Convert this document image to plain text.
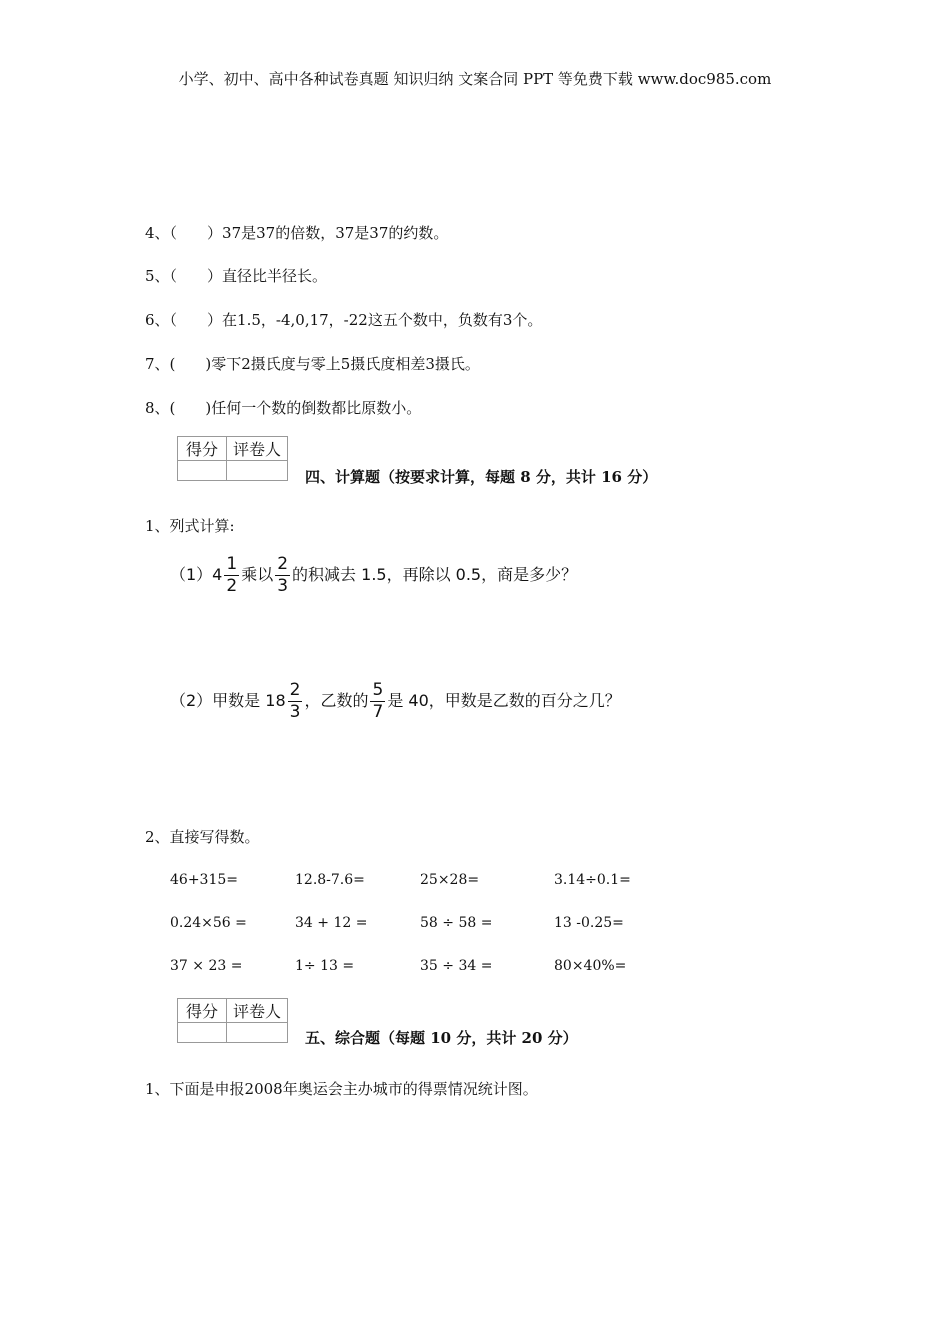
小学、初中、高中各种试卷真题 知识归纳 文案合同 PPT 等免费下载 www.doc985.com
4、（　　）37是37的倍数，37是37的约数。
5、（　　）直径比半径长。
6、（　　）在1.5，-4,0,17，-22这五个数中，负数有3个。
7、(　　)零下2摄氏度与零上5摄氏度相差3摄氏。
8、(　　)任何一个数的倒数都比原数小。
得分	评卷人

四、计算题（按要求计算，每题 8 分，共计 16 分）
1、列式计算:
$(1)4 \frac{1}{2}$ 乘以 $\frac{2}{3}$ 的积减去 1.5，再除以 0.5，商是多少？
（2）甲数是 $18 \frac{2}{3}$ ，乙数的 $\frac{5}{7}$ 是 40，甲数是乙数的百分之几？
2、直接写得数。
46+315=	12.8-7.6=	25×28=	3.14÷0.1=
0.24×56 =	34 + 12 =	58 ÷ 58 =	13 -0.25=
37 × 23 =	1÷ 13 =	35 ÷ 34 =	80×40%=
得分	评卷人

五、综合题（每题 10 分，共计 20 分）
1、下面是申报2008年奥运会主办城市的得票情况统计图。
